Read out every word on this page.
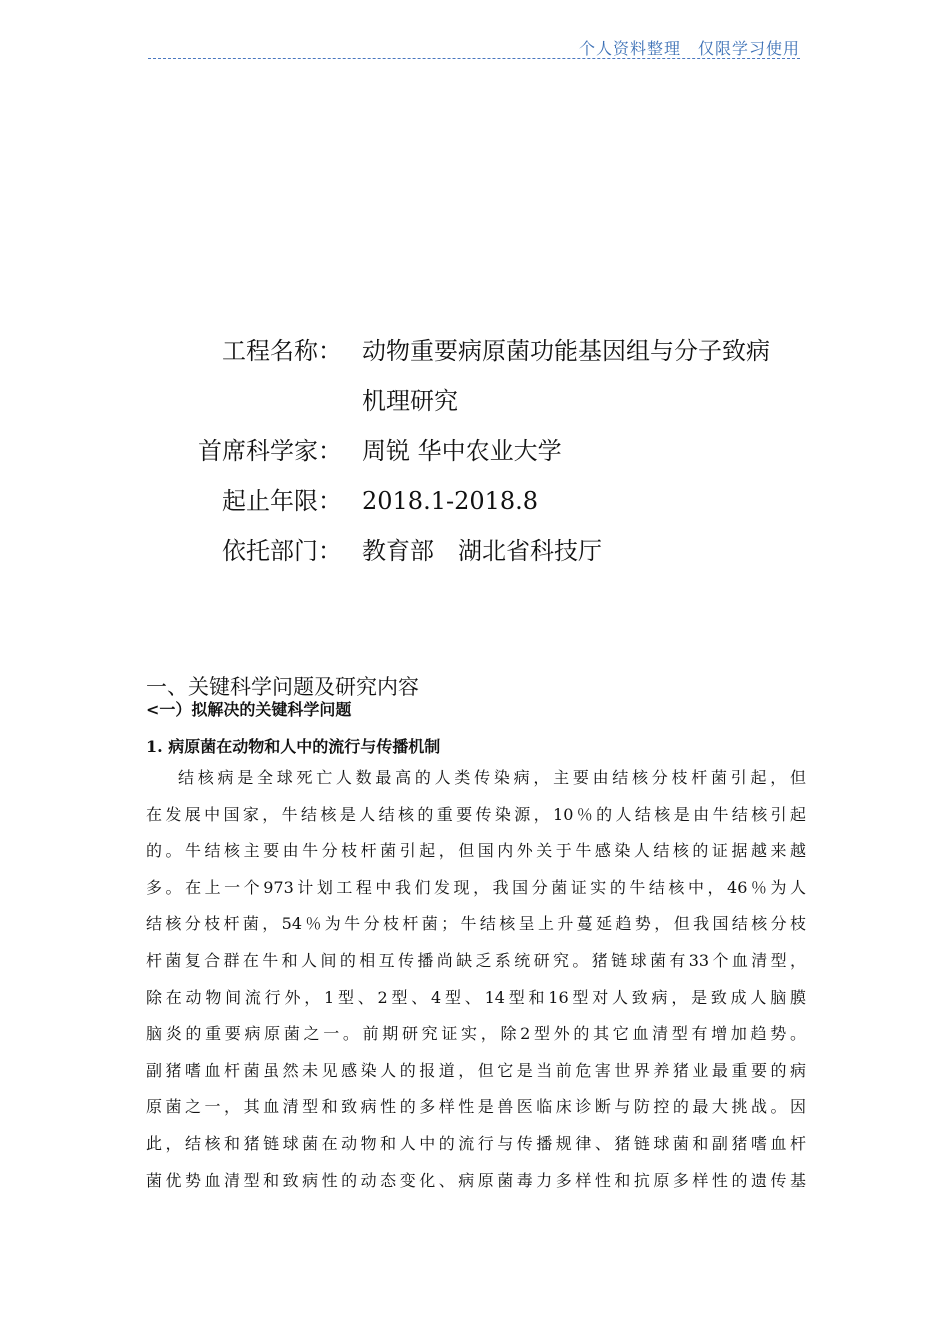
个人资料整理　仅限学习使用
工程名称： 动物重要病原菌功能基因组与分子致病
机理研究
首席科学家： 周锐 华中农业大学
起止年限： 2018.1-2018.8
依托部门： 教育部　湖北省科技厅
一、关键科学问题及研究内容
<一）拟解决的关键科学问题
1. 病原菌在动物和人中的流行与传播机制
结核病是全球死亡人数最高的人类传染病，主要由结核分枝杆菌引起，但
在发展中国家，牛结核是人结核的重要传染源，10％的人结核是由牛结核引起
的。牛结核主要由牛分枝杆菌引起，但国内外关于牛感染人结核的证据越来越
多。在上一个973计划工程中我们发现，我国分菌证实的牛结核中，46％为人
结核分枝杆菌，54％为牛分枝杆菌；牛结核呈上升蔓延趋势，但我国结核分枝
杆菌复合群在牛和人间的相互传播尚缺乏系统研究。猪链球菌有33个血清型，
除在动物间流行外，1型、2型、4型、14型和16型对人致病，是致成人脑膜
脑炎的重要病原菌之一。前期研究证实，除2型外的其它血清型有增加趋势。
副猪嗜血杆菌虽然未见感染人的报道，但它是当前危害世界养猪业最重要的病
原菌之一，其血清型和致病性的多样性是兽医临床诊断与防控的最大挑战。因
此，结核和猪链球菌在动物和人中的流行与传播规律、猪链球菌和副猪嗜血杆
菌优势血清型和致病性的动态变化、病原菌毒力多样性和抗原多样性的遗传基
